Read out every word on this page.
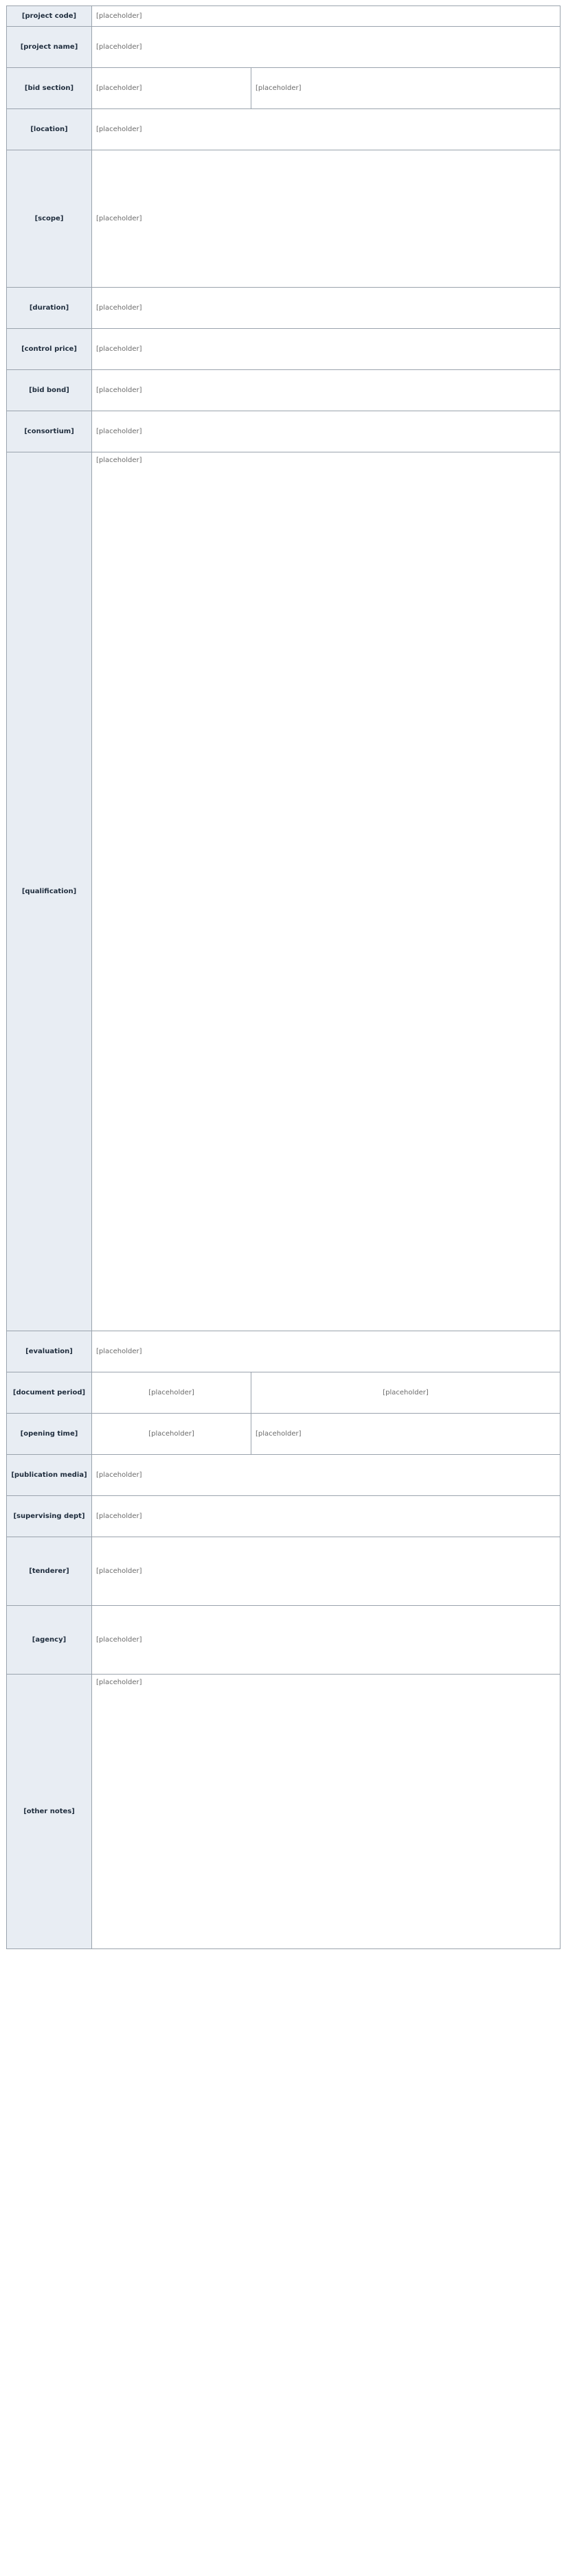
[project code]	[placeholder]	
[project name]	[placeholder]	
[bid section]	[placeholder]	[placeholder]
[location]	[placeholder]	
[scope]	[placeholder]	
[duration]	[placeholder]	
[control price]	[placeholder]	
[bid bond]	[placeholder]	
[consortium]	[placeholder]	
[qualification]	[placeholder]	
[evaluation]	[placeholder]	
[document period]	[placeholder]	[placeholder]
[opening time]	[placeholder]	[placeholder]
[publication media]	[placeholder]	
[supervising dept]	[placeholder]	
[tenderer]	[placeholder]	
[agency]	[placeholder]	
[other notes]	[placeholder]	
